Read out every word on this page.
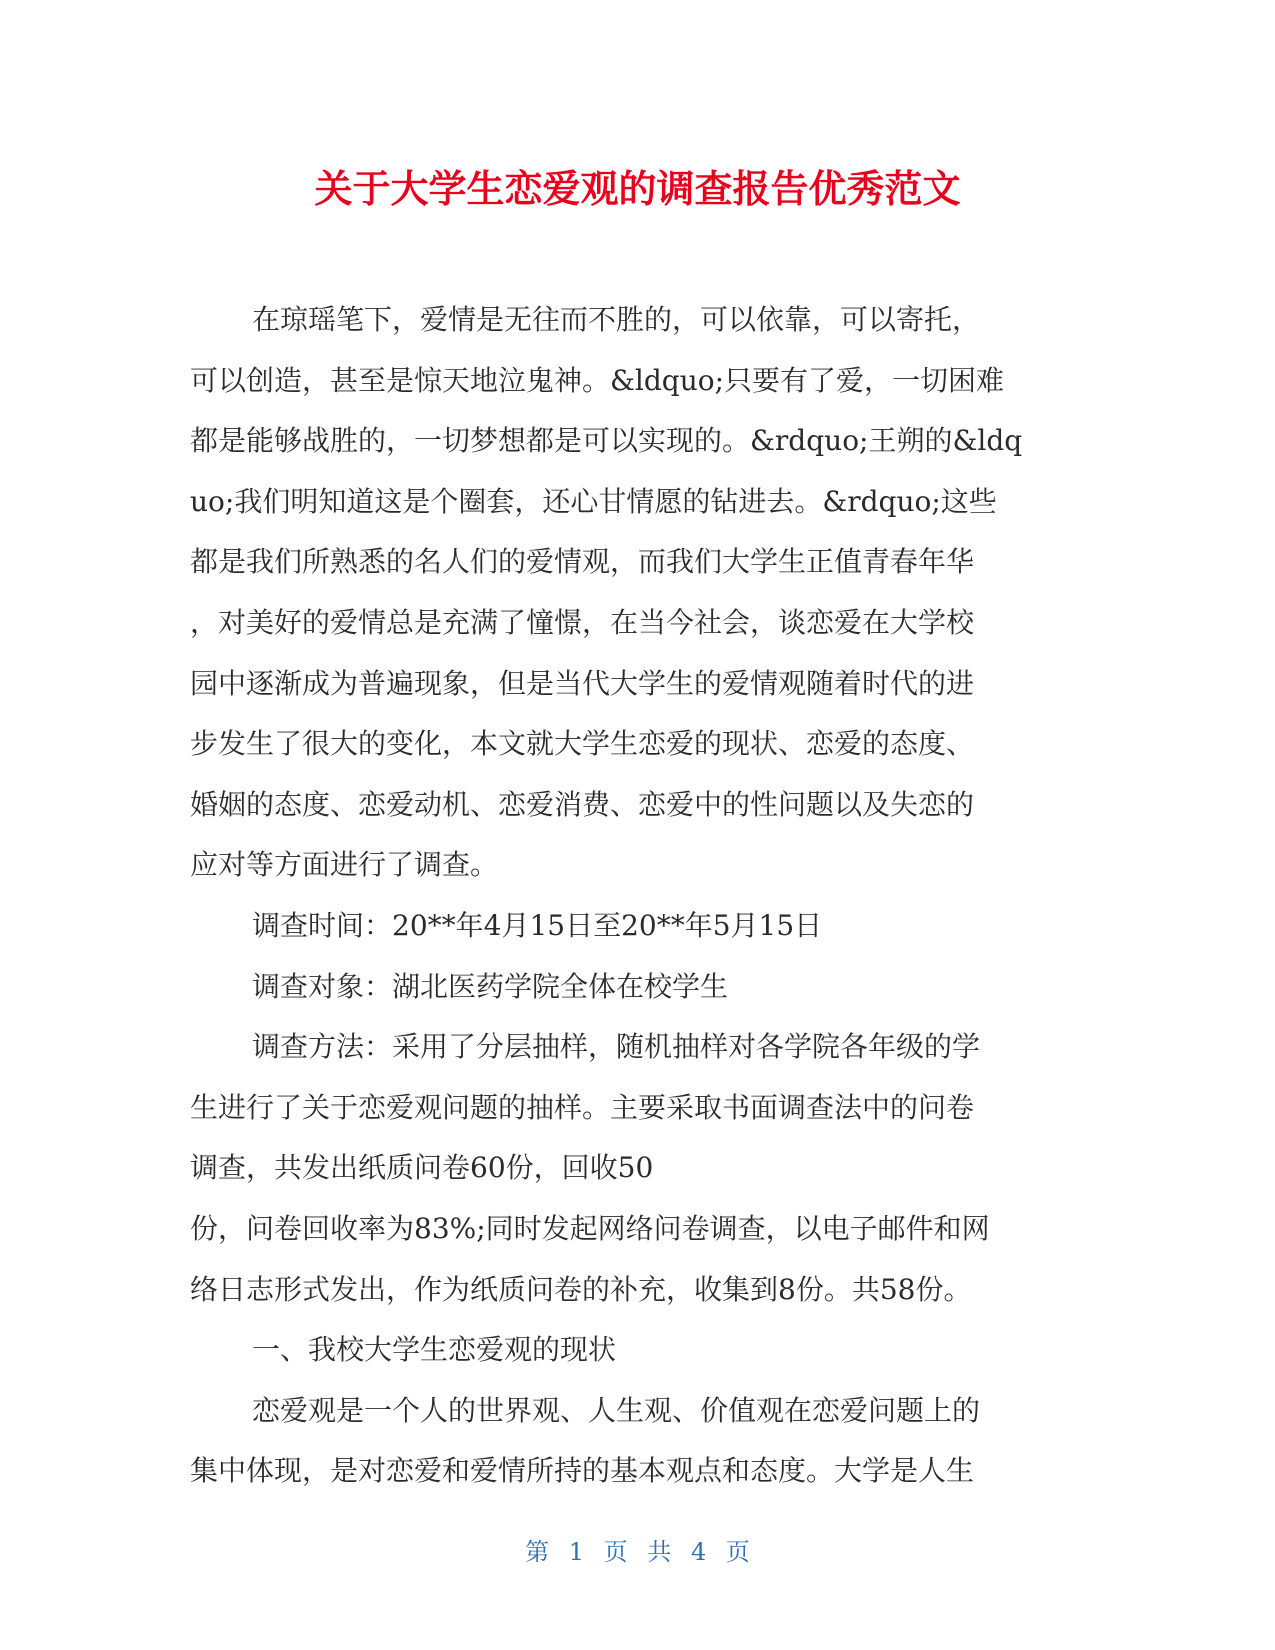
关于大学生恋爱观的调查报告优秀范文
在琼瑶笔下，爱情是无往而不胜的，可以依靠，可以寄托，
可以创造，甚至是惊天地泣鬼神。&ldquo;只要有了爱，一切困难
都是能够战胜的，一切梦想都是可以实现的。&rdquo;王朔的&ldq
uo;我们明知道这是个圈套，还心甘情愿的钻进去。&rdquo;这些
都是我们所熟悉的名人们的爱情观，而我们大学生正值青春年华
，对美好的爱情总是充满了憧憬，在当今社会，谈恋爱在大学校
园中逐渐成为普遍现象，但是当代大学生的爱情观随着时代的进
步发生了很大的变化，本文就大学生恋爱的现状、恋爱的态度、
婚姻的态度、恋爱动机、恋爱消费、恋爱中的性问题以及失恋的
应对等方面进行了调查。
调查时间：20**年4月15日至20**年5月15日
调查对象：湖北医药学院全体在校学生
调查方法：采用了分层抽样，随机抽样对各学院各年级的学
生进行了关于恋爱观问题的抽样。主要采取书面调查法中的问卷
调查，共发出纸质问卷60份，回收50
份，问卷回收率为83%;同时发起网络问卷调查，以电子邮件和网
络日志形式发出，作为纸质问卷的补充，收集到8份。共58份。
一、我校大学生恋爱观的现状
恋爱观是一个人的世界观、人生观、价值观在恋爱问题上的
集中体现，是对恋爱和爱情所持的基本观点和态度。大学是人生
第 1 页 共 4 页
